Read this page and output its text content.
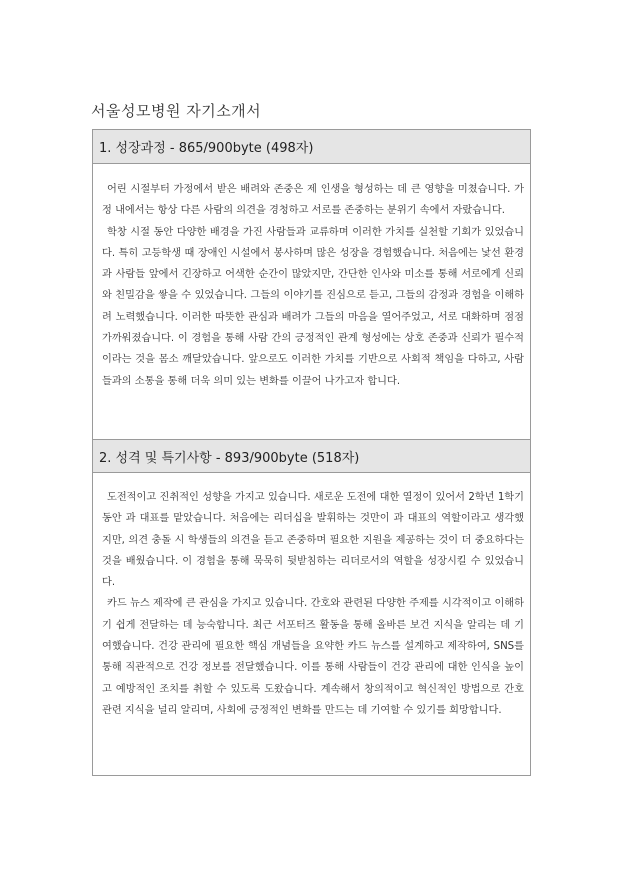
서울성모병원 자기소개서
1. 성장과정 - 865/900byte (498자)

어린 시절부터 가정에서 받은 배려와 존중은 제 인생을 형성하는 데 큰 영향을 미쳤습니다. 가정 내에서는 항상 다른 사람의 의견을 경청하고 서로를 존중하는 분위기 속에서 자랐습니다.

학창 시절 동안 다양한 배경을 가진 사람들과 교류하며 이러한 가치를 실천할 기회가 있었습니다. 특히 고등학생 때 장애인 시설에서 봉사하며 많은 성장을 경험했습니다. 처음에는 낯선 환경과 사람들 앞에서 긴장하고 어색한 순간이 많았지만, 간단한 인사와 미소를 통해 서로에게 신뢰와 친밀감을 쌓을 수 있었습니다. 그들의 이야기를 진심으로 듣고, 그들의 감정과 경험을 이해하려 노력했습니다. 이러한 따뜻한 관심과 배려가 그들의 마음을 열어주었고, 서로 대화하며 점점 가까워졌습니다. 이 경험을 통해 사람 간의 긍정적인 관계 형성에는 상호 존중과 신뢰가 필수적이라는 것을 몸소 깨달았습니다. 앞으로도 이러한 가치를 기반으로 사회적 책임을 다하고, 사람들과의 소통을 통해 더욱 의미 있는 변화를 이끌어 나가고자 합니다.

2. 성격 및 특기사항 - 893/900byte (518자)

도전적이고 진취적인 성향을 가지고 있습니다. 새로운 도전에 대한 열정이 있어서 2학년 1학기 동안 과 대표를 맡았습니다. 처음에는 리더십을 발휘하는 것만이 과 대표의 역할이라고 생각했지만, 의견 충돌 시 학생들의 의견을 듣고 존중하며 필요한 지원을 제공하는 것이 더 중요하다는 것을 배웠습니다. 이 경험을 통해 묵묵히 뒷받침하는 리더로서의 역할을 성장시킬 수 있었습니다.

카드 뉴스 제작에 큰 관심을 가지고 있습니다. 간호와 관련된 다양한 주제를 시각적이고 이해하기 쉽게 전달하는 데 능숙합니다. 최근 서포터즈 활동을 통해 올바른 보건 지식을 알리는 데 기여했습니다. 건강 관리에 필요한 핵심 개념들을 요약한 카드 뉴스를 설계하고 제작하여, SNS를 통해 직관적으로 건강 정보를 전달했습니다. 이를 통해 사람들이 건강 관리에 대한 인식을 높이고 예방적인 조치를 취할 수 있도록 도왔습니다. 계속해서 창의적이고 혁신적인 방법으로 간호 관련 지식을 널리 알리며, 사회에 긍정적인 변화를 만드는 데 기여할 수 있기를 희망합니다.
